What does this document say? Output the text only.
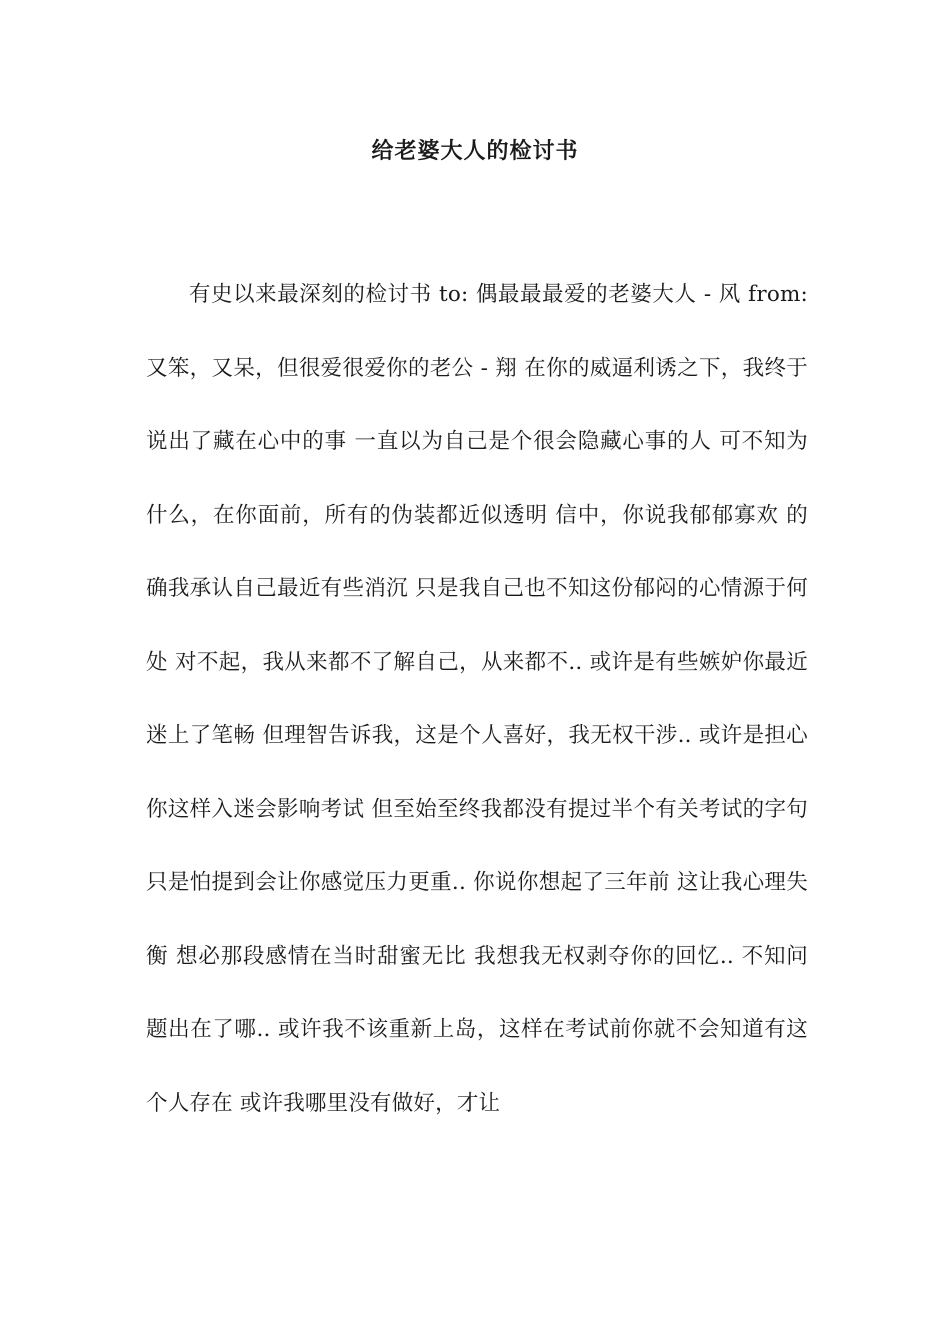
给老婆大人的检讨书
有史以来最深刻的检讨书 to: 偶最最最爱的老婆大人 - 风 from: 又笨，又呆，但很爱很爱你的老公 - 翔 在你的威逼利诱之下，我终于说出了藏在心中的事 一直以为自己是个很会隐藏心事的人 可不知为什么，在你面前，所有的伪装都近似透明 信中，你说我郁郁寡欢 的确我承认自己最近有些消沉 只是我自己也不知这份郁闷的心情源于何处 对不起，我从来都不了解自己，从来都不.. 或许是有些嫉妒你最近迷上了笔畅 但理智告诉我，这是个人喜好，我无权干涉.. 或许是担心你这样入迷会影响考试 但至始至终我都没有提过半个有关考试的字句 只是怕提到会让你感觉压力更重.. 你说你想起了三年前 这让我心理失衡 想必那段感情在当时甜蜜无比 我想我无权剥夺你的回忆.. 不知问题出在了哪.. 或许我不该重新上岛，这样在考试前你就不会知道有这个人存在 或许我哪里没有做好，才让
